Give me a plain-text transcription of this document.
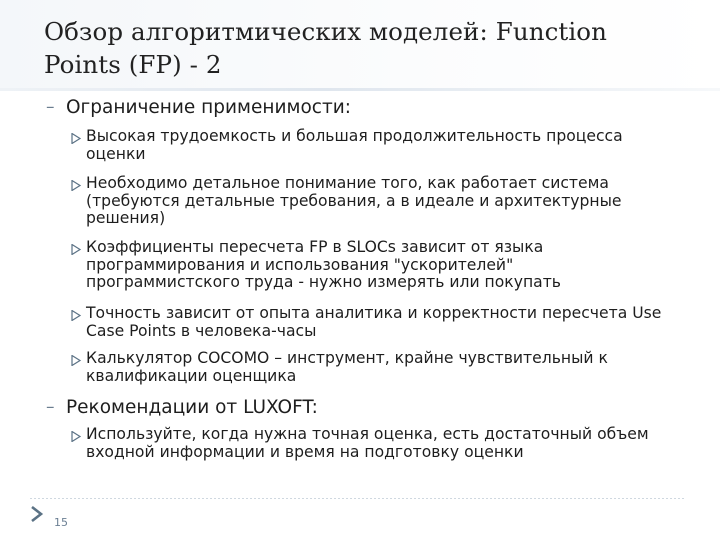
Обзор алгоритмических моделей: Function
Points (FP) - 2
– Ограничение применимости:
Высокая трудоемкость и большая продолжительность процесса оценки
Необходимо детальное понимание того, как работает система (требуются детальные требования, а в идеале и архитектурные решения)
Коэффициенты пересчета FP в SLOCs зависит от языка программирования и использования "ускорителей" программистского труда - нужно измерять или покупать
Точность зависит от опыта аналитика и корректности пересчета Use Case Points в человека-часы
Калькулятор COCOMO – инструмент, крайне чувствительный к квалификации оценщика
– Рекомендации от LUXOFT:
Используйте, когда нужна точная оценка, есть достаточный объем входной информации и время на подготовку оценки
15
